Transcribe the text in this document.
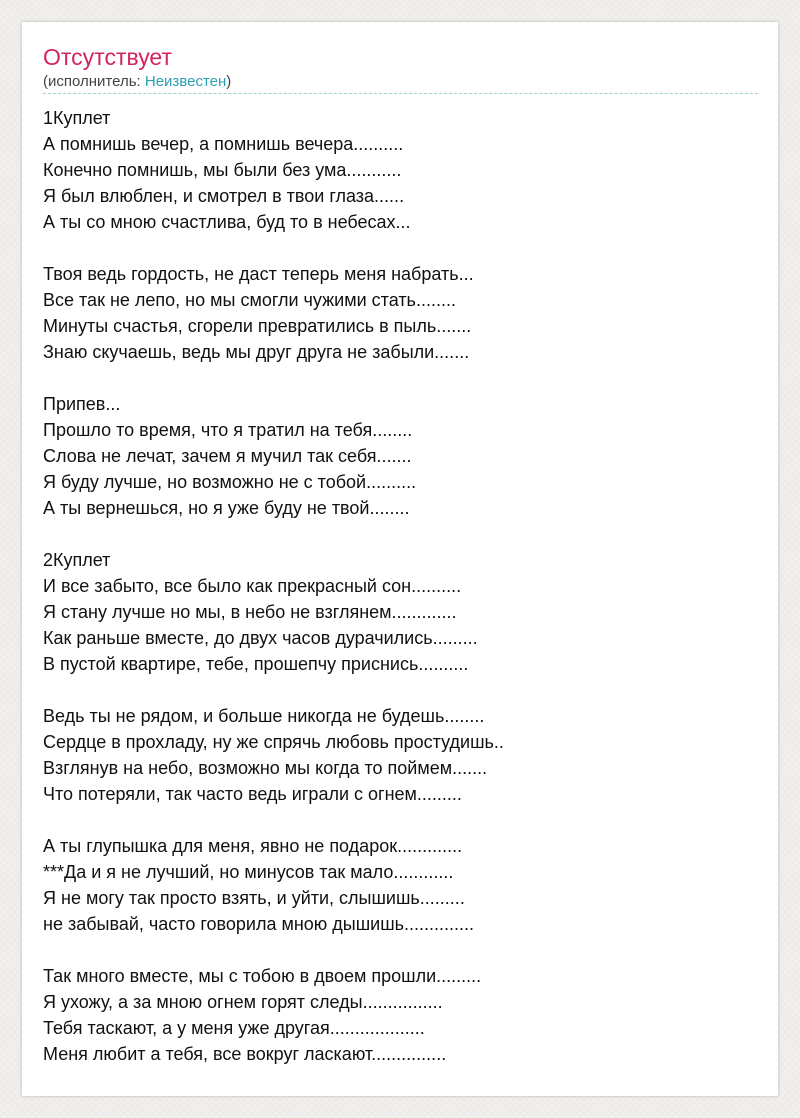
Отсутствует
(исполнитель: Неизвестен)
1Куплет
А помнишь вечер, а помнишь вечера..........
Конечно помнишь, мы были без ума...........
Я был влюблен, и смотрел в твои глаза......
А ты со мною счастлива, буд то в небесах...
Твоя ведь гордость, не даст теперь меня набрать...
Все так не лепо, но мы смогли чужими стать........
Минуты счастья, сгорели превратились в пыль.......
Знаю скучаешь, ведь мы друг друга не забыли.......
Припев...
Прошло то время, что я тратил на тебя........
Слова не лечат, зачем я мучил так себя.......
Я буду лучше, но возможно не с тобой..........
А ты вернешься, но я уже буду не твой........
2Куплет
И все забыто, все было как прекрасный сон..........
Я стану лучше но мы, в небо не взглянем.............
Как раньше вместе, до двух часов дурачились.........
В пустой квартире, тебе, прошепчу приснись..........
Ведь ты не рядом, и больше никогда не будешь........
Сердце в прохладу, ну же спрячь любовь простудишь..
Взглянув на небо, возможно мы когда то поймем.......
Что потеряли, так часто ведь играли с огнем.........
А ты глупышка для меня, явно не подарок.............
***Да и я не лучший, но минусов так мало............
Я не могу так просто взять, и уйти, слышишь.........
не забывай, часто говорила мною дышишь..............
Так много вместе, мы с тобою в двоем прошли.........
Я ухожу, а за мною огнем горят следы................
Тебя таскают, а у меня уже другая...................
Меня любит а тебя, все вокруг ласкают...............
